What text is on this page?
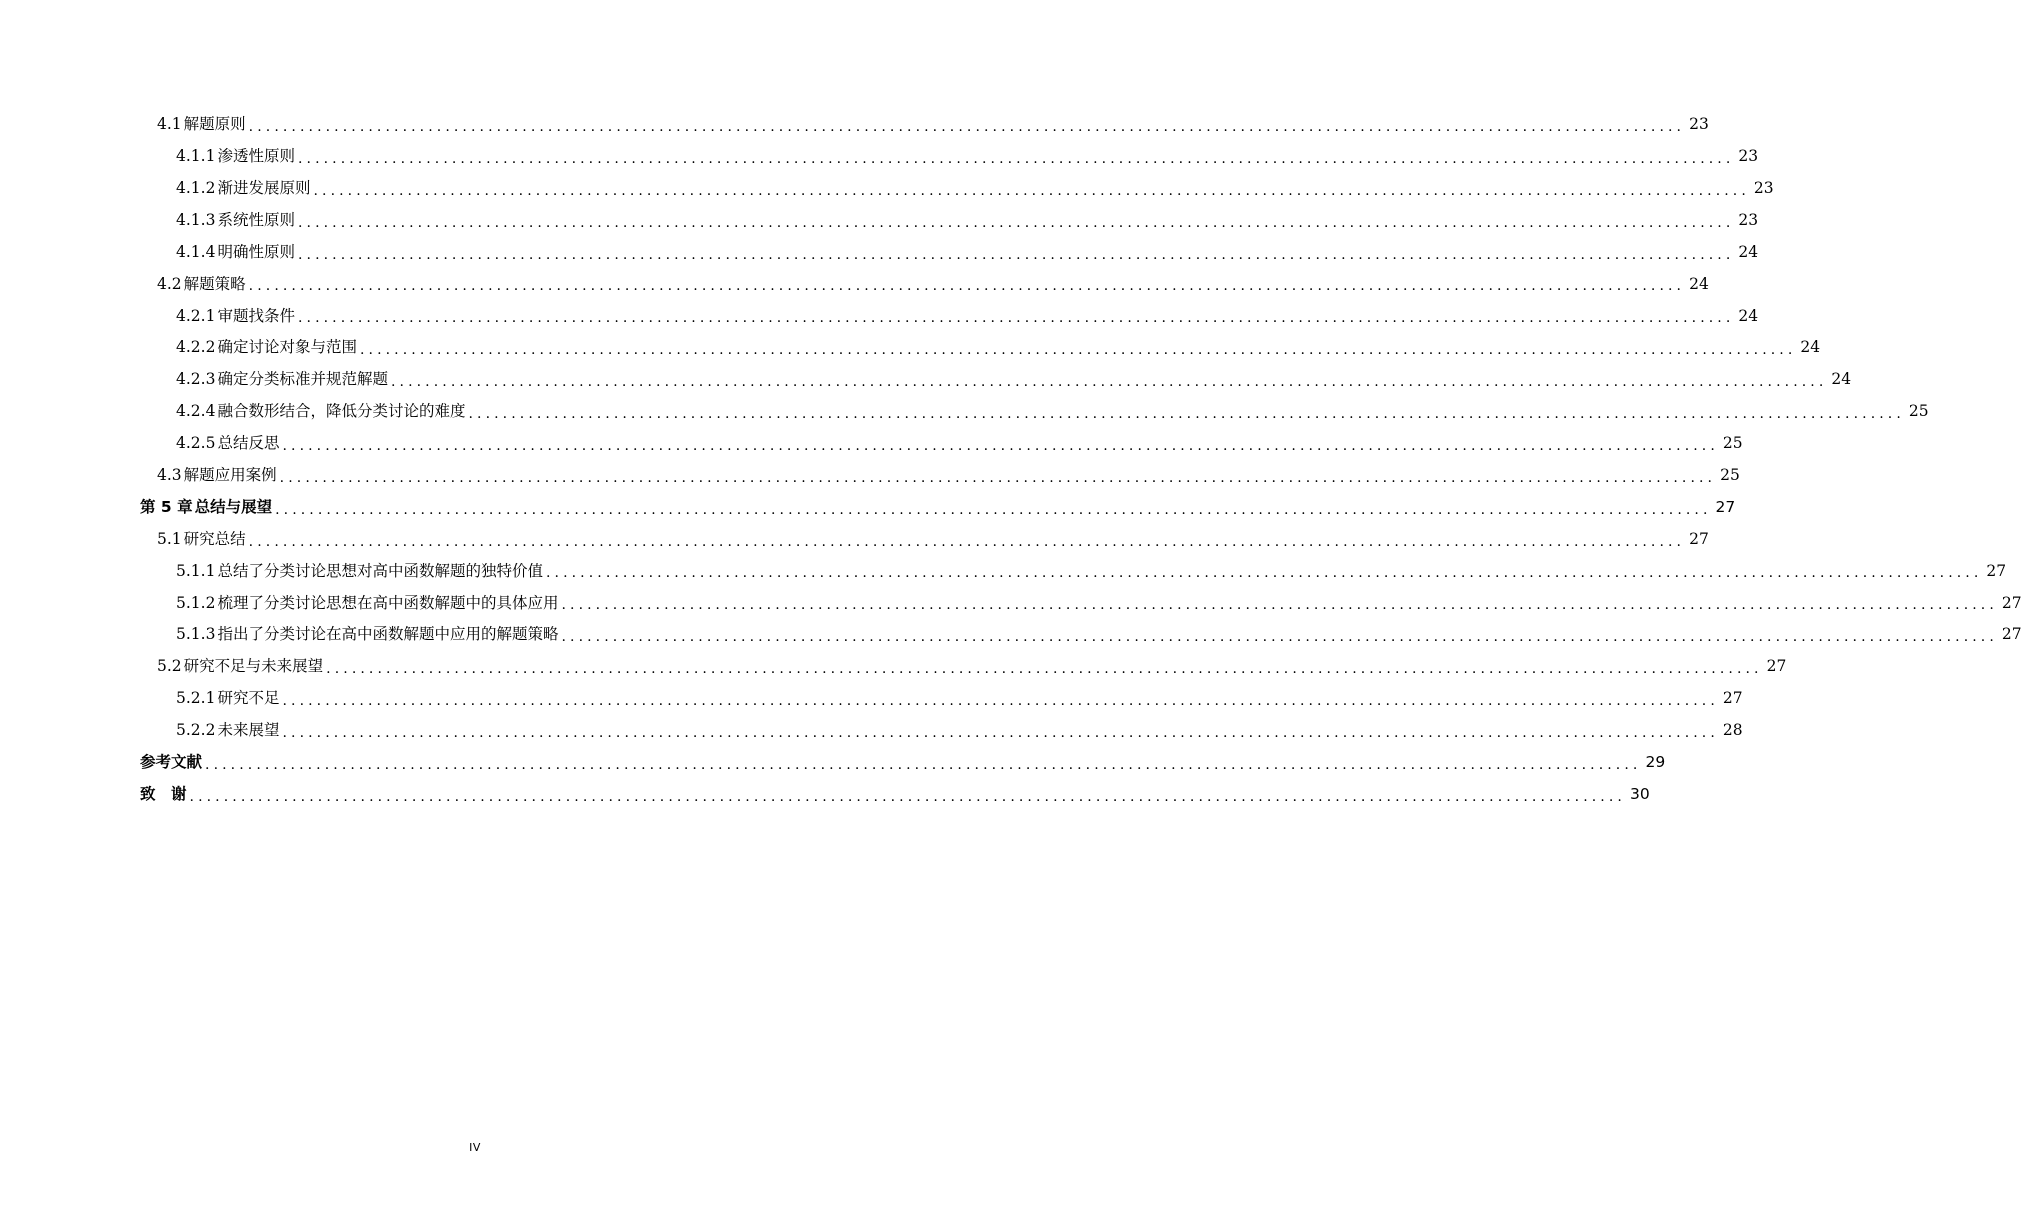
4.1 解题原则 .....	23
4.1.1 渗透性原则 .....	23
4.1.2 渐进发展原则 .....	23
4.1.3 系统性原则 .....	23
4.1.4 明确性原则 .....	24
4.2 解题策略 .....	24
4.2.1 审题找条件 .....	24
4.2.2 确定讨论对象与范围 .....	24
4.2.3 确定分类标准并规范解题 .....	24
4.2.4 融合数形结合，降低分类讨论的难度 .....	25
4.2.5 总结反思 .....	25
4.3 解题应用案例 .....	25
第 5 章 总结与展望 .....	27
5.1 研究总结 .....	27
5.1.1 总结了分类讨论思想对高中函数解题的独特价值 .....	27
5.1.2 梳理了分类讨论思想在高中函数解题中的具体应用 .....	27
5.1.3 指出了分类讨论在高中函数解题中应用的解题策略 .....	27
5.2 研究不足与未来展望 .....	27
5.2.1 研究不足 .....	27
5.2.2 未来展望 .....	28
参考文献 .....	29
致　谢 .....	30
IV
